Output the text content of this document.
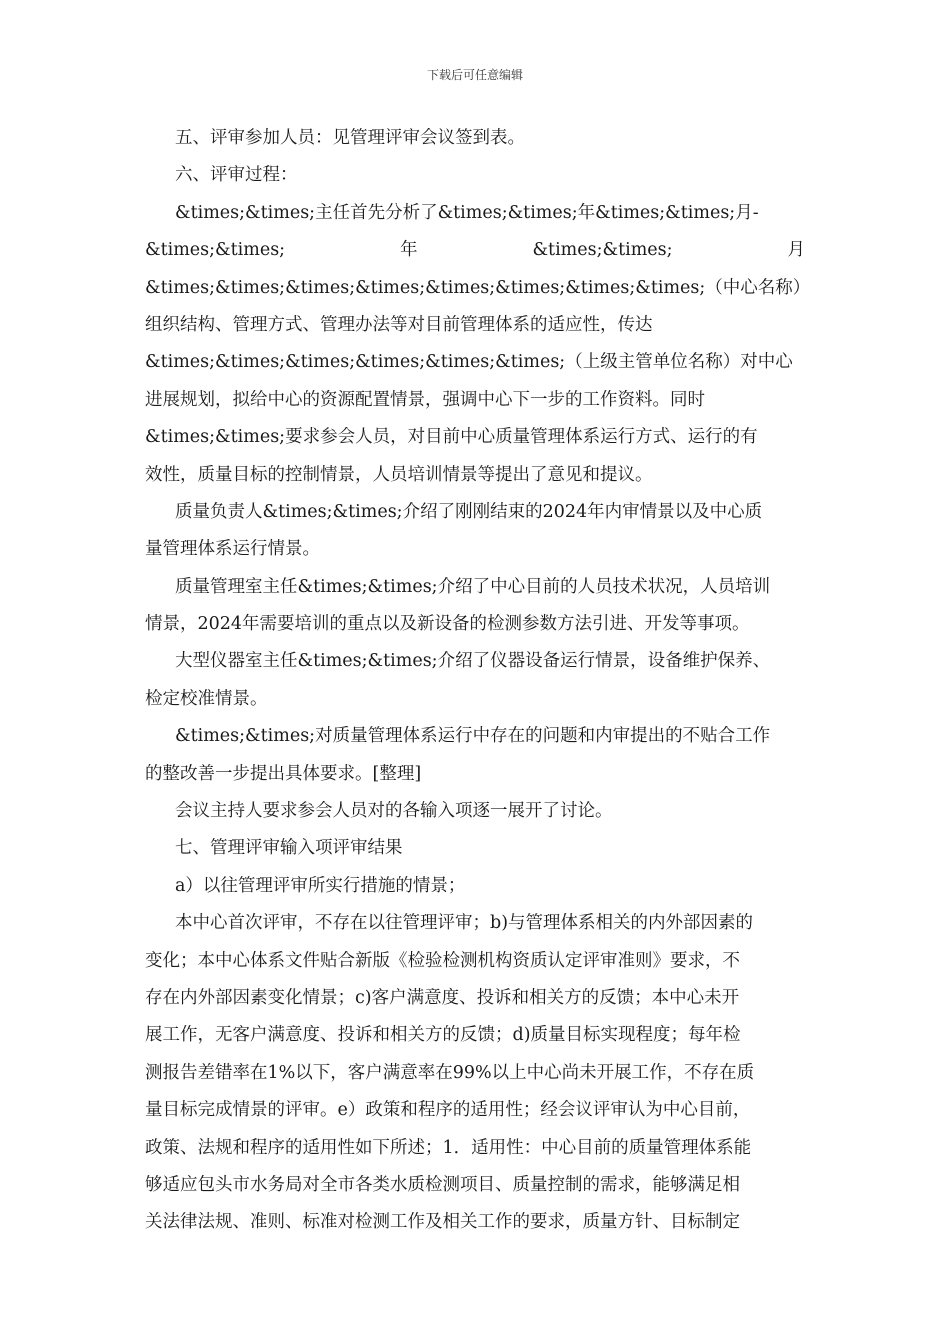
下载后可任意编辑
五、评审参加人员：见管理评审会议签到表。
六、评审过程：
&times;&times;主任首先分析了&times;&times;年&times;&times;月-
&times;&times;	年	&times;&times;	月
&times;&times;&times;&times;&times;&times;&times;&times;（中心名称）
组织结构、管理方式、管理办法等对目前管理体系的适应性，传达
&times;&times;&times;&times;&times;&times;（上级主管单位名称）对中心
进展规划，拟给中心的资源配置情景，强调中心下一步的工作资料。同时
&times;&times;要求参会人员，对目前中心质量管理体系运行方式、运行的有
效性，质量目标的控制情景，人员培训情景等提出了意见和提议。
质量负责人&times;&times;介绍了刚刚结束的2024年内审情景以及中心质
量管理体系运行情景。
质量管理室主任&times;&times;介绍了中心目前的人员技术状况，人员培训
情景，2024年需要培训的重点以及新设备的检测参数方法引进、开发等事项。
大型仪器室主任&times;&times;介绍了仪器设备运行情景，设备维护保养、
检定校准情景。
&times;&times;对质量管理体系运行中存在的问题和内审提出的不贴合工作
的整改善一步提出具体要求。[整理]
会议主持人要求参会人员对的各输入项逐一展开了讨论。
七、管理评审输入项评审结果
a）以往管理评审所实行措施的情景；
本中心首次评审，不存在以往管理评审；b)与管理体系相关的内外部因素的
变化；本中心体系文件贴合新版《检验检测机构资质认定评审准则》要求，不
存在内外部因素变化情景；c)客户满意度、投诉和相关方的反馈；本中心未开
展工作，无客户满意度、投诉和相关方的反馈；d)质量目标实现程度；每年检
测报告差错率在1%以下，客户满意率在99%以上中心尚未开展工作，不存在质
量目标完成情景的评审。e）政策和程序的适用性；经会议评审认为中心目前，
政策、法规和程序的适用性如下所述；1．适用性：中心目前的质量管理体系能
够适应包头市水务局对全市各类水质检测项目、质量控制的需求，能够满足相
关法律法规、准则、标准对检测工作及相关工作的要求，质量方针、目标制定
